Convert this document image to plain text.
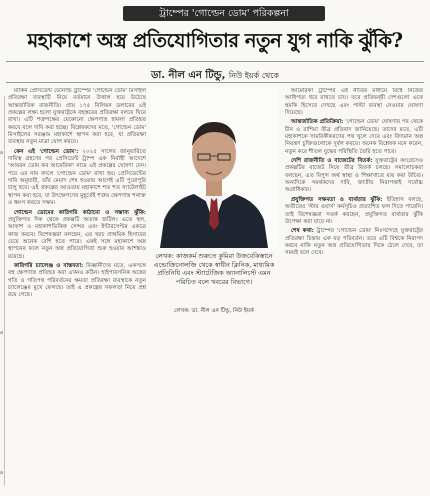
a
a
a
ট্রাম্পের 'গোল্ডেন ডোম' পরিকল্পনা
মহাকাশে অস্ত্র প্রতিযোগিতার নতুন যুগ নাকি ঝুঁকি?
ডা. নীল এন টিন্ডু, নিউ ইয়র্ক থেকে

মার্কিন প্রেসিডেন্ট ডোনাল্ড ট্রাম্পের 'গোল্ডেন ডোম' মিসাইল প্রতিরক্ষা ব্যবস্থাটি নিয়ে বর্তমানে উত্তাল হয়ে উঠেছে আন্তর্জাতিক রাজনীতি। প্রায় ১৭৫ বিলিয়ন ডলারের এই প্রকল্পের লক্ষ্য হলো যুক্তরাষ্ট্রকে বহুস্তরের প্রতিরক্ষা বলয়ে ঘিরে রাখা। এটি শত্রুপক্ষের যেকোনো ক্ষেপণাস্ত্র হামলা প্রতিহত করবে বলে দাবি করা হচ্ছে। বিশ্লেষকদের মতে, 'গোল্ডেন ডোম' মিসাইলের সরঞ্জাম মহাকাশে স্থাপন করা হবে, যা প্রতিরক্ষা ব্যবস্থায় নতুন মাত্রা যোগ করবে।

কেন এই 'গোল্ডেন ডোম': ২০২৫ সালের জানুয়ারিতে দায়িত্ব গ্রহণের পর প্রেসিডেন্ট ট্রাম্প এক নির্বাহী আদেশে 'আয়রন ডোম ফর আমেরিকা' নামে এই প্রকল্পের ঘোষণা দেন। পরে এর নাম বদলে 'গোল্ডেন ডোম' রাখা হয়। প্রেসিডেন্টের দাবি অনুযায়ী, তাঁর মেয়াদ শেষ হওয়ার আগেই এটি পুরোপুরি চালু হবে। এই প্রকল্পের আওতায় মহাকাশে শত শত স্যাটেলাইট স্থাপন করা হবে, যা উৎক্ষেপণের মুহূর্তেই শত্রুর ক্ষেপণাস্ত্র শনাক্ত ও ধ্বংস করতে সক্ষম।

গোল্ডেন ডোমের কারিগরি কাঠামো ও সম্ভাব্য ঝুঁকি: প্রযুক্তিগত দিক থেকে প্রকল্পটি অত্যন্ত জটিল। এতে স্থল, আকাশ ও মহাকাশভিত্তিক সেন্সর এবং ইন্টারসেপ্টর একত্রে কাজ করবে। বিশেষজ্ঞরা বলছেন, এর খরচ প্রাথমিক হিসাবের চেয়ে অনেক বেশি হতে পারে। একই সঙ্গে মহাকাশে অস্ত্র স্থাপনের ফলে নতুন অস্ত্র প্রতিযোগিতা শুরু হওয়ার আশঙ্কাও রয়েছে।

কারিগরি চ্যালেঞ্জ ও বাস্তবতা: বিজ্ঞানীদের মতে, একসঙ্গে বহু ক্ষেপণাস্ত্র প্রতিহত করা এখনও কঠিন। হাইপারসনিক অস্ত্রের গতি ও গতিপথ পরিবর্তনের ক্ষমতা প্রতিরক্ষা ব্যবস্থাকে নতুন চ্যালেঞ্জের মুখে ফেলছে। তাই এ প্রকল্পের সফলতা নিয়ে প্রশ্ন রয়ে গেছে।

লেখক: কাজকর্ম শুরুতে কুমিরা উজবেকিস্তানে এন্ডোক্রিনোলজি থেকে স্বাধীন ক্লিনিক, মাধ্যমিক প্রতিনিধি এবং স্ট্যাটেজিক অ্যানালিস্টে এমন পরিচিত বলে খবরের বিভাগে।
লেখক: ডা. নীল এন টিন্ডু, নিউ ইয়র্ক

আমেরিকা ট্রাম্পের এই নীতির মাধ্যমে বিশ্বে নিজের আধিপত্য ধরে রাখতে চায়। তবে প্রতিদ্বন্দ্বী দেশগুলো একে হুমকি হিসেবে দেখছে এবং পাল্টা ব্যবস্থা নেওয়ার ঘোষণা দিয়েছে।

আন্তর্জাতিক প্রতিক্রিয়া: 'গোল্ডেন ডোম' ঘোষণার পর থেকে চীন ও রাশিয়া তীব্র প্রতিবাদ জানিয়েছে। তাদের মতে, এটি মহাকাশকে সামরিকীকরণের পথ খুলে দেবে এবং বিদ্যমান অস্ত্র নিয়ন্ত্রণ চুক্তিগুলোকে দুর্বল করবে। অনেক বিশ্লেষক মনে করেন, নতুন করে শীতল যুদ্ধের পরিস্থিতি তৈরি হতে পারে।

দেশি রাজনীতি ও বাজেটের বিতর্ক: যুক্তরাষ্ট্রের কংগ্রেসেও প্রকল্পটির বাজেট নিয়ে তীব্র বিতর্ক চলছে। সমালোচকরা বলছেন, এত বিপুল অর্থ স্বাস্থ্য ও শিক্ষাখাতে ব্যয় করা উচিত। অন্যদিকে সমর্থকদের দাবি, জাতীয় নিরাপত্তাই সর্বোচ্চ অগ্রাধিকার।

প্রযুক্তিগত সক্ষমতা ও ব্যর্থতার ঝুঁকি: ইতিহাস বলছে, অতীতের 'স্টার ওয়ার্স' কর্মসূচিও প্রত্যাশিত ফল দিতে পারেনি। তাই বিশেষজ্ঞরা সতর্ক করছেন, প্রযুক্তিগত ব্যর্থতার ঝুঁকি উপেক্ষা করা যাবে না।

শেষ কথা: ট্রাম্পের 'গোল্ডেন ডোম' নিঃসন্দেহে যুক্তরাষ্ট্রের প্রতিরক্ষা চিন্তায় এক বড় পরিবর্তন। তবে এটি বিশ্বকে নিরাপদ করবে নাকি নতুন অস্ত্র প্রতিযোগিতার দিকে ঠেলে দেবে, তা সময়ই বলে দেবে।
